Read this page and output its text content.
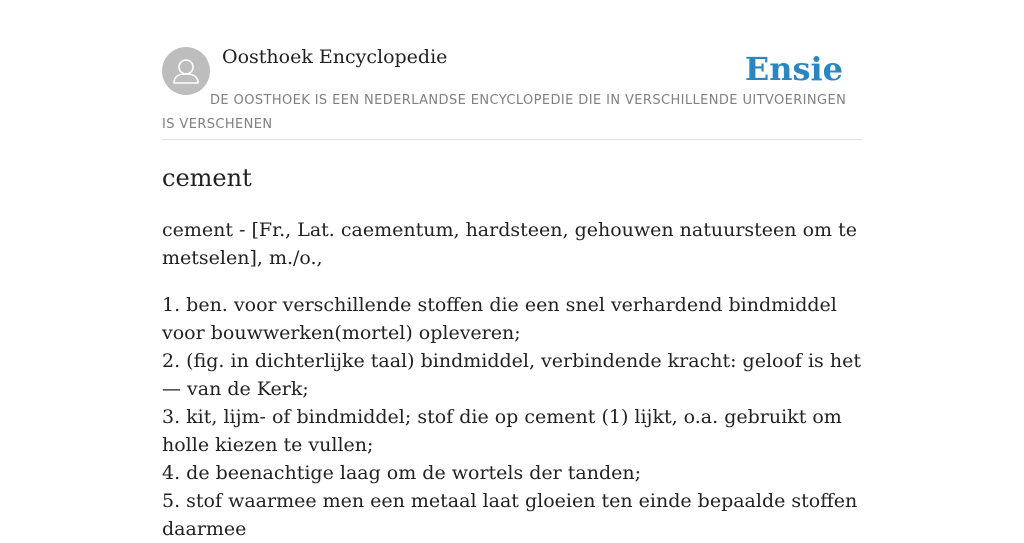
Oosthoek Encyclopedie	Ensie
DE OOSTHOEK IS EEN NEDERLANDSE ENCYCLOPEDIE DIE IN VERSCHILLENDE UITVOERINGEN IS VERSCHENEN
cement

cement - [Fr., Lat. caementum, hardsteen, gehouwen natuursteen om te metselen], m./o.,

1. ben. voor verschillende stoffen die een snel verhardend bindmiddel voor bouwwerken(mortel) opleveren;
2. (fig. in dichterlijke taal) bindmiddel, verbindende kracht: geloof is het — van de Kerk;
3. kit, lijm- of bindmiddel; stof die op cement (1) lijkt, o.a. gebruikt om holle kiezen te vullen;
4. de beenachtige laag om de wortels der tanden;
5. stof waarmee men een metaal laat gloeien ten einde bepaalde stoffen daarmee
